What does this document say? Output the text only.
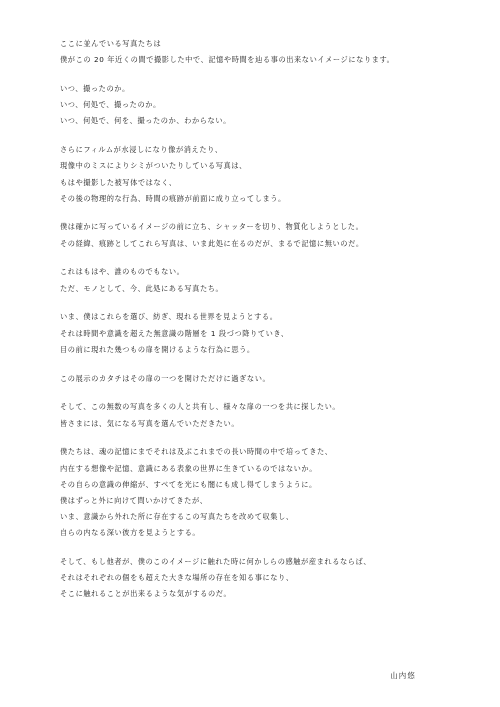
ここに並んでいる写真たちは
僕がこの 20 年近くの間で撮影した中で、記憶や時間を辿る事の出来ないイメージになります。
いつ、撮ったのか。
いつ、何処で、撮ったのか。
いつ、何処で、何を、撮ったのか、わからない。
さらにフィルムが水浸しになり像が消えたり、
現像中のミスによりシミがついたりしている写真は、
もはや撮影した被写体ではなく、
その後の物理的な行為、時間の痕跡が前面に成り立ってしまう。
僕は確かに写っているイメージの前に立ち、シャッターを切り、物質化しようとした。
その経緯、痕跡としてこれら写真は、いま此処に在るのだが、まるで記憶に無いのだ。
これはもはや、誰のものでもない。
ただ、モノとして、今、此処にある写真たち。
いま、僕はこれらを選び、紡ぎ、現れる世界を見ようとする。
それは時間や意識を超えた無意識の階層を 1 段づつ降りていき、
目の前に現れた幾つもの扉を開けるような行為に思う。
この展示のカタチはその扉の一つを開けただけに過ぎない。
そして、この無数の写真を多くの人と共有し、様々な扉の一つを共に探したい。
皆さまには、気になる写真を選んでいただきたい。
僕たちは、魂の記憶にまでそれは及ぶこれまでの長い時間の中で培ってきた、
内在する想像や記憶、意識にある表象の世界に生きているのではないか。
その自らの意識の伸縮が、すべてを光にも闇にも成し得てしまうように。
僕はずっと外に向けて問いかけてきたが、
いま、意識から外れた所に存在するこの写真たちを改めて収集し、
自らの内なる深い彼方を見ようとする。
そして、もし他者が、僕のこのイメージに触れた時に何かしらの感触が産まれるならば、
それはそれぞれの個をも超えた大きな場所の存在を知る事になり、
そこに触れることが出来るような気がするのだ。
山内悠
